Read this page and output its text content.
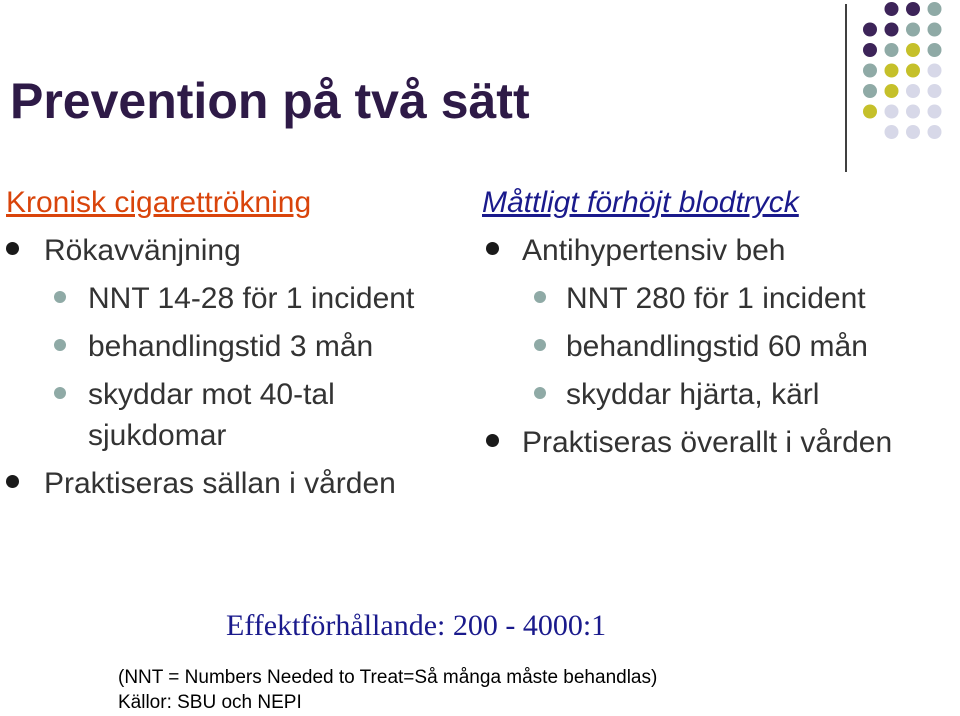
Prevention på två sätt
Kronisk cigarettrökning
Rökavvänjning
NNT 14-28 för 1 incident
behandlingstid 3 mån
skyddar mot 40-tal sjukdomar
Praktiseras sällan i vården
Måttligt förhöjt blodtryck
Antihypertensiv beh
NNT 280 för 1 incident
behandlingstid 60 mån
skyddar hjärta, kärl
Praktiseras överallt i vården

Effektförhållande: 200 - 4000:1

(NNT = Numbers Needed to Treat=Så många måste behandlas)
Källor: SBU och NEPI
